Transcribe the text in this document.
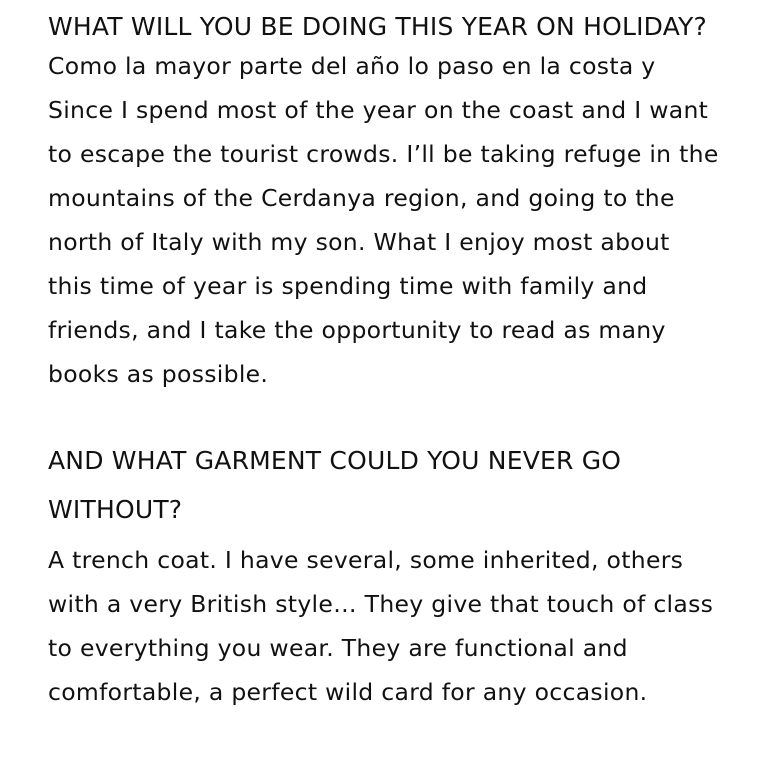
WHAT WILL YOU BE DOING THIS YEAR ON HOLIDAY?

Como la mayor parte del año lo paso en la costa y Since I spend most of the year on the coast and I want to escape the tourist crowds. I’ll be taking refuge in the mountains of the Cerdanya region, and going to the north of Italy with my son. What I enjoy most about this time of year is spending time with family and friends, and I take the opportunity to read as many books as possible.

AND WHAT GARMENT COULD YOU NEVER GO WITHOUT?

A trench coat. I have several, some inherited, others with a very British style… They give that touch of class to everything you wear. They are functional and comfortable, a perfect wild card for any occasion.
